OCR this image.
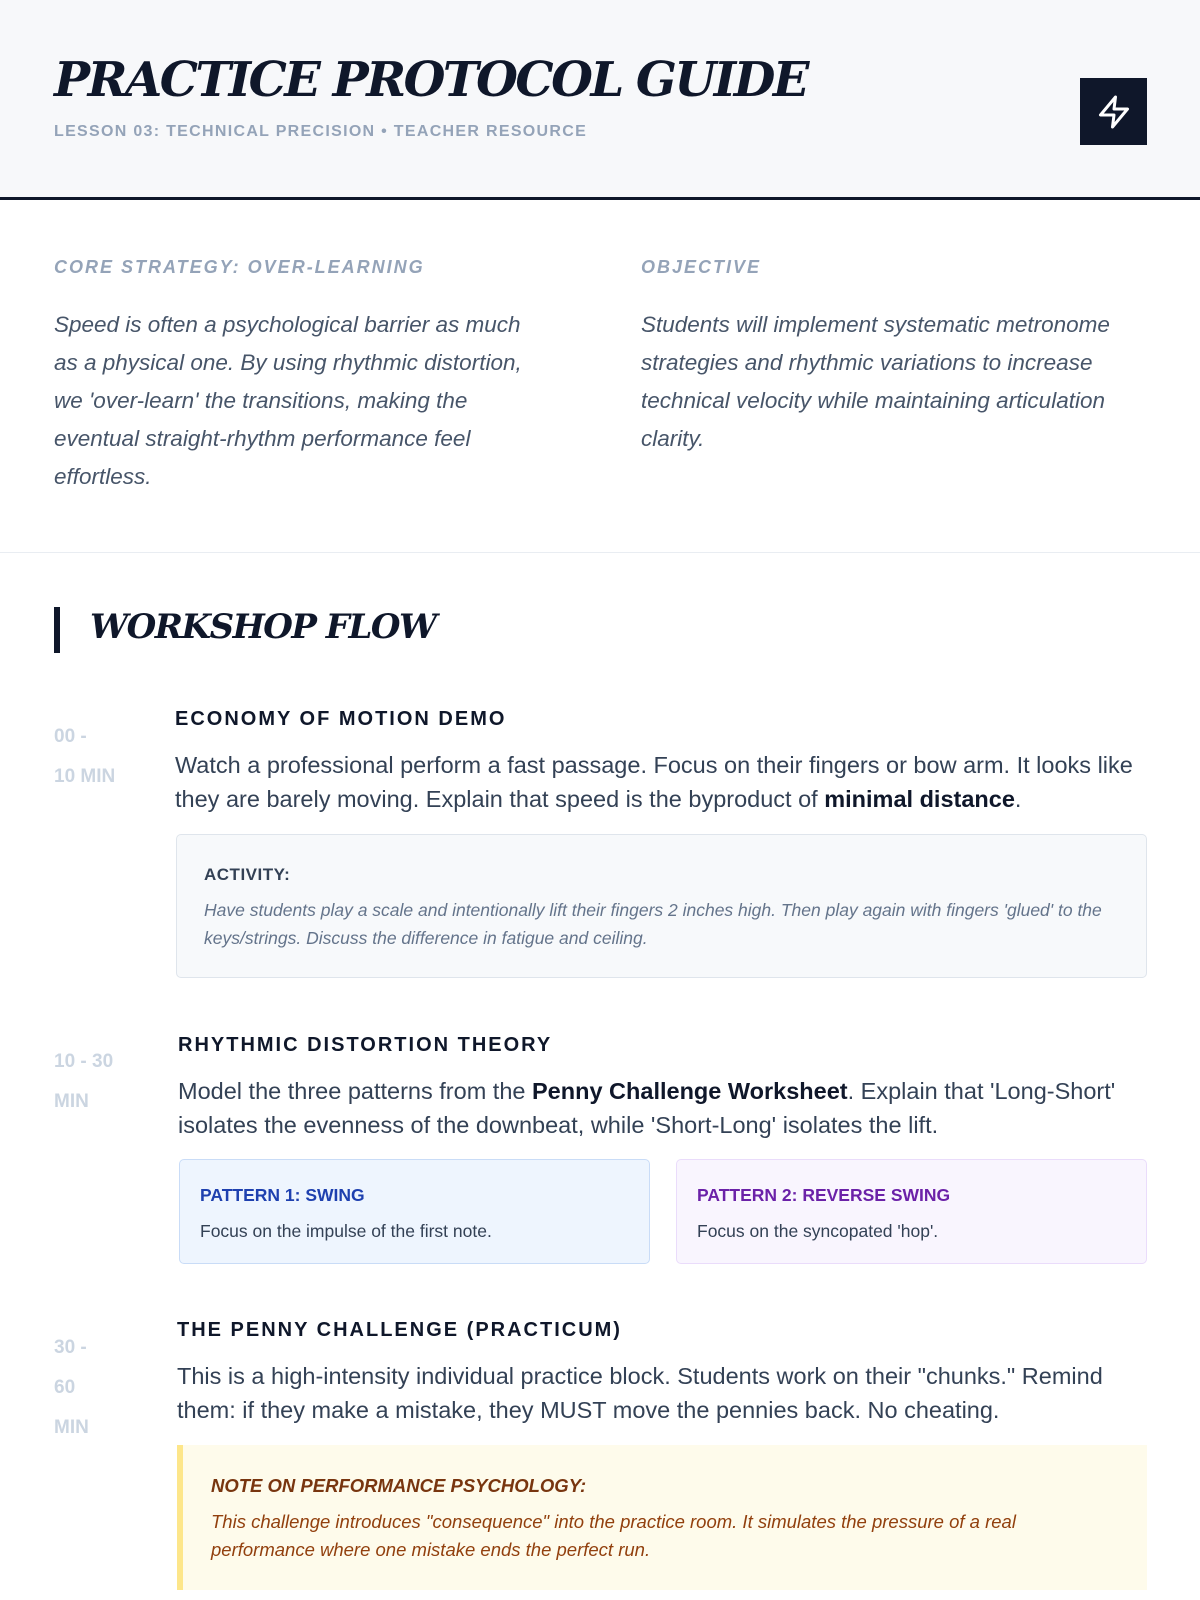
PRACTICE PROTOCOL GUIDE
LESSON 03: TECHNICAL PRECISION • TEACHER RESOURCE
CORE STRATEGY: OVER-LEARNING
Speed is often a psychological barrier as much as a physical one. By using rhythmic distortion, we 'over-learn' the transitions, making the eventual straight-rhythm performance feel effortless.
OBJECTIVE
Students will implement systematic metronome strategies and rhythmic variations to increase technical velocity while maintaining articulation clarity.
WORKSHOP FLOW
00 -
10 MIN
ECONOMY OF MOTION DEMO
Watch a professional perform a fast passage. Focus on their fingers or bow arm. It looks like they are barely moving. Explain that speed is the byproduct of minimal distance.
ACTIVITY:
Have students play a scale and intentionally lift their fingers 2 inches high. Then play again with fingers 'glued' to the keys/strings. Discuss the difference in fatigue and ceiling.
10 - 30
MIN
RHYTHMIC DISTORTION THEORY
Model the three patterns from the Penny Challenge Worksheet. Explain that 'Long-Short' isolates the evenness of the downbeat, while 'Short-Long' isolates the lift.
PATTERN 1: SWING
Focus on the impulse of the first note.
PATTERN 2: REVERSE SWING
Focus on the syncopated 'hop'.
30 -
60
MIN
THE PENNY CHALLENGE (PRACTICUM)
This is a high-intensity individual practice block. Students work on their "chunks." Remind them: if they make a mistake, they MUST move the pennies back. No cheating.
NOTE ON PERFORMANCE PSYCHOLOGY:
This challenge introduces "consequence" into the practice room. It simulates the pressure of a real performance where one mistake ends the perfect run.
